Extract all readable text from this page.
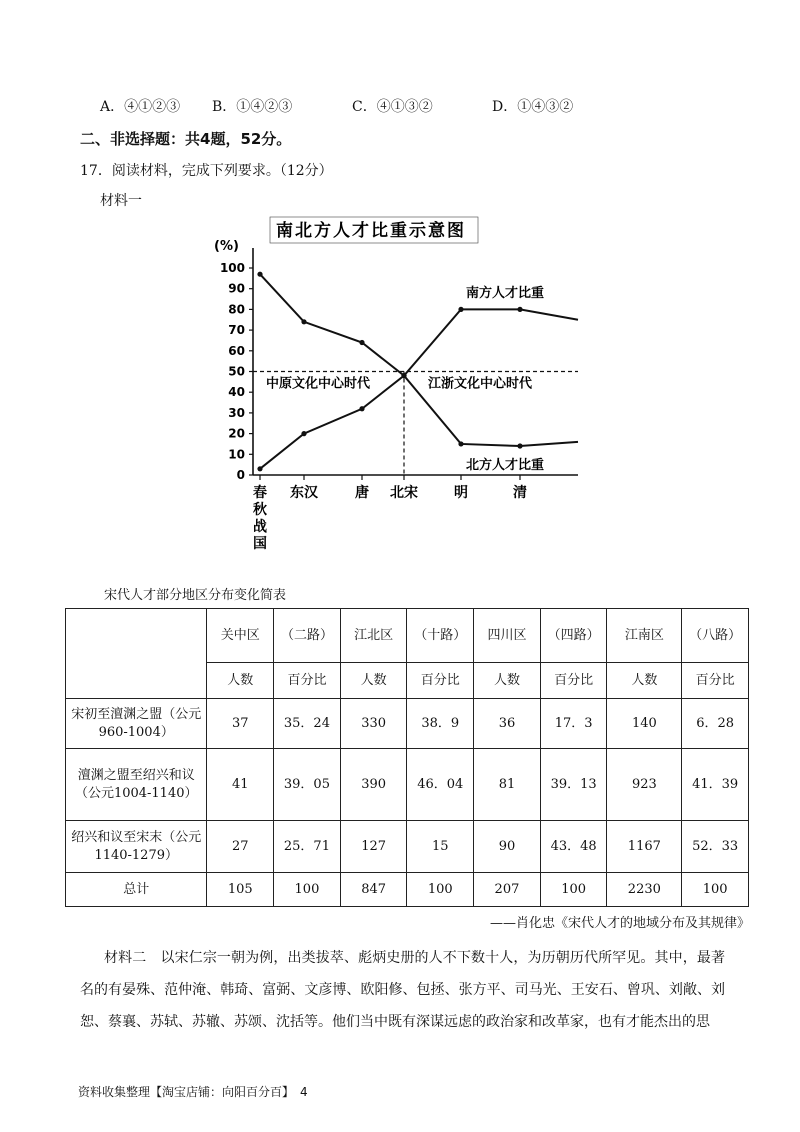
A．④①②③ B．①④②③	C．④①③②	D．①④③②
二、非选择题：共4题，52分。
17．阅读材料，完成下列要求。（12分）
材料一
南北方人才比重示意图
(%)
0
10
20
30
40
50
60
70
80
90
100
春
秋
战
国
东汉	唐 北宋	明	清
南方人才比重
北方人才比重
中原文化中心时代	江浙文化中心时代
宋代人才部分地区分布变化简表
	关中区	（二路）	江北区	（十路）	四川区	（四路）	江南区	（八路）
	人数	百分比	人数	百分比	人数	百分比	人数	百分比
宋初至澶渊之盟（公元960-1004）	37	35．24	330	38．9	36	17．3	140	6．28
澶渊之盟至绍兴和议（公元1004-1140）	41	39．05	390	46．04	81	39．13	923	41．39
绍兴和议至宋末（公元1140-1279）	27	25．71	127	15	90	43．48	1167	52．33
总计	105	100	847	100	207	100	2230	100
——肖化忠《宋代人才的地域分布及其规律》
材料二　以宋仁宗一朝为例，出类拔萃、彪炳史册的人不下数十人，为历朝历代所罕见。其中，最著名的有晏殊、范仲淹、韩琦、富弼、文彦博、欧阳修、包拯、张方平、司马光、王安石、曾巩、刘敞、刘恕、蔡襄、苏轼、苏辙、苏颂、沈括等。他们当中既有深谋远虑的政治家和改革家，也有才能杰出的思
资料收集整理【淘宝店铺：向阳百分百】　4
